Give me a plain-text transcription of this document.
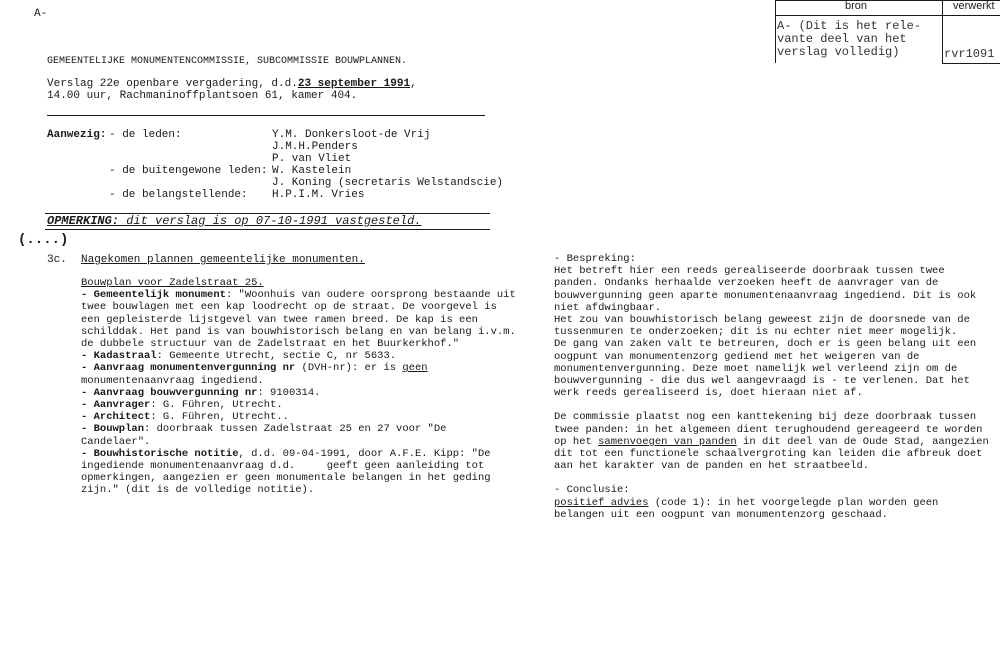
A-
bron	verwerkt
A- (Dit is het rele-
vante deel van het
verslag volledig)	rvr1091
GEMEENTELIJKE MONUMENTENCOMMISSIE, SUBCOMMISSIE BOUWPLANNEN.
Verslag 22e openbare vergadering, d.d.23 september 1991,
14.00 uur, Rachmaninoffplantsoen 61, kamer 404.
Aanwezig: - de leden:	Y.M. Donkersloot-de Vrij
J.M.H.Penders
P. van Vliet
- de buitengewone leden: W. Kastelein
J. Koning (secretaris Welstandscie)
- de belangstellende: H.P.I.M. Vries
OPMERKING: dit verslag is op 07-10-1991 vastgesteld.
(....)
3c. Nagekomen plannen gemeentelijke monumenten.

Bouwplan voor Zadelstraat 25.

- Gemeentelijk monument: "Woonhuis van oudere oorsprong bestaande uit

twee bouwlagen met een kap loodrecht op de straat. De voorgevel is

een gepleisterde lijstgevel van twee ramen breed. De kap is een

schilddak. Het pand is van bouwhistorisch belang en van belang i.v.m.

de dubbele structuur van de Zadelstraat en het Buurkerkhof."

- Kadastraal: Gemeente Utrecht, sectie C, nr 5633.

- Aanvraag monumentenvergunning nr (DVH-nr): er is geen

monumentenaanvraag ingediend.

- Aanvraag bouwvergunning nr: 9100314.

- Aanvrager: G. Führen, Utrecht.

- Architect: G. Führen, Utrecht..

- Bouwplan: doorbraak tussen Zadelstraat 25 en 27 voor "De

Candelaer".

- Bouwhistorische notitie, d.d. 09-04-1991, door A.F.E. Kipp: "De

ingediende monumentenaanvraag d.d.     geeft geen aanleiding tot

opmerkingen, aangezien er geen monumentale belangen in het geding

zijn." (dit is de volledige notitie).

- Bespreking:

Het betreft hier een reeds gerealiseerde doorbraak tussen twee

panden. Ondanks herhaalde verzoeken heeft de aanvrager van de

bouwvergunning geen aparte monumentenaanvraag ingediend. Dit is ook

niet afdwingbaar.

Het zou van bouwhistorisch belang geweest zijn de doorsnede van de

tussenmuren te onderzoeken; dit is nu echter niet meer mogelijk.

De gang van zaken valt te betreuren, doch er is geen belang uit een

oogpunt van monumentenzorg gediend met het weigeren van de

monumentenvergunning. Deze moet namelijk wel verleend zijn om de

bouwvergunning - die dus wel aangevraagd is - te verlenen. Dat het

werk reeds gerealiseerd is, doet hieraan niet af.

De commissie plaatst nog een kanttekening bij deze doorbraak tussen

twee panden: in het algemeen dient terughoudend gereageerd te worden

op het samenvoegen van panden in dit deel van de Oude Stad, aangezien

dit tot een functionele schaalvergroting kan leiden die afbreuk doet

aan het karakter van de panden en het straatbeeld.

- Conclusie:

positief advies (code 1): in het voorgelegde plan worden geen

belangen uit een oogpunt van monumentenzorg geschaad.
